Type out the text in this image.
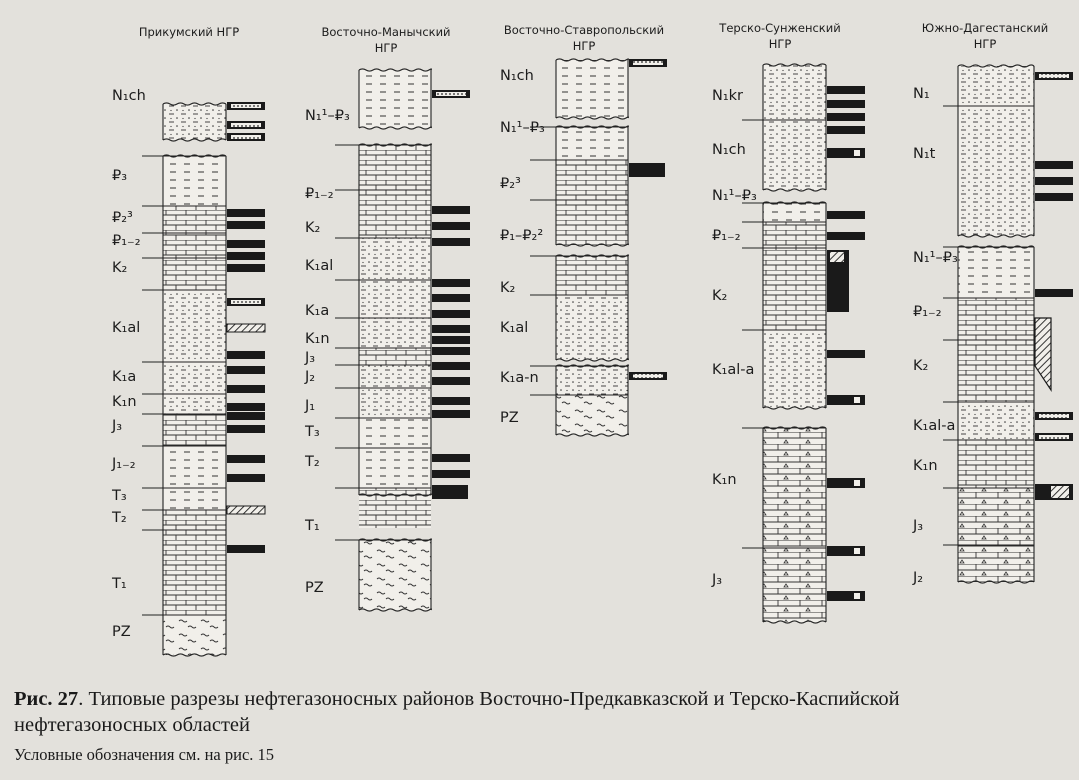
Прикумский НГР	Восточно-Манычский
НГР
Восточно-Ставропольский
НГР
Терско-Сунженский
НГР
Южно-Дагестанский
НГР
N₁ch
₽₃
₽₂³
₽₁₋₂
K₂
K₁al
K₁a
K₁n
J₃
J₁₋₂
T₃
T₂
T₁
PZ
N₁¹–₽₃
₽₁₋₂
K₂
K₁al
K₁a
K₁n
J₃
J₂
J₁
T₃
T₂
T₁
PZ
N₁ch
N₁¹–₽₃
₽₂³
₽₁–₽₂²
K₂
K₁al
K₁a-n
PZ
N₁kr
N₁ch
N₁¹–₽₃
₽₁₋₂
K₂
K₁al-a
K₁n
J₃
N₁
N₁t
N₁¹–₽₃
₽₁₋₂
K₂
K₁al-a
K₁n
J₃
J₂
Рис. 27. Типовые разрезы нефтегазоносных районов Восточно-Предкавказской и Терско-Каспийской
нефтегазоносных областей
Условные обозначения см. на рис. 15
